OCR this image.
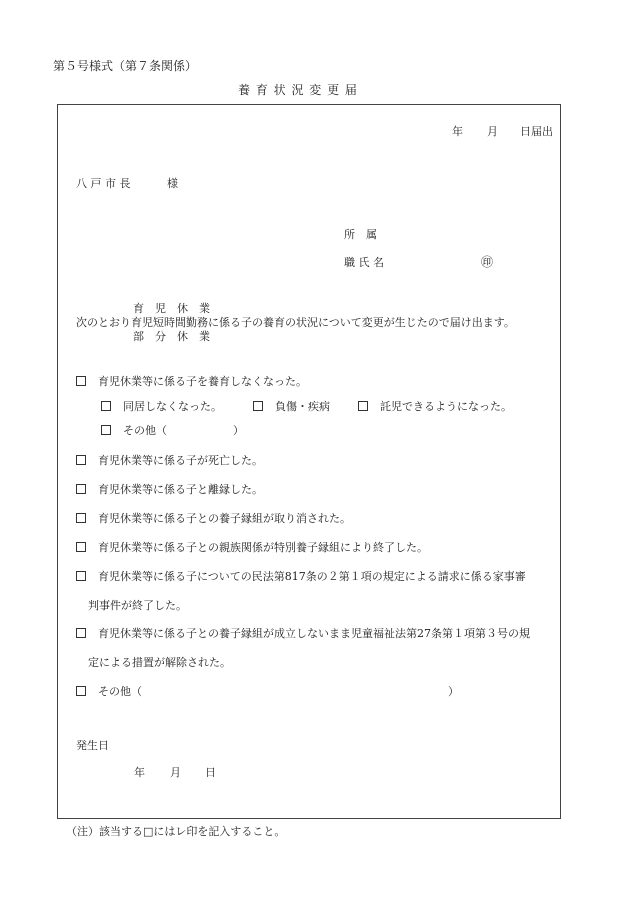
第５号様式（第７条関係）
養 育 状 況 変 更 届
年 月 日届出
八 戸 市 長	様
所　属
職 氏 名	㊞
育　児　休　業
次のとおり育児短時間勤務に係る子の養育の状況について変更が生じたので届け出ます。
部　分　休　業
育児休業等に係る子を養育しなくなった。
同居しなくなった。	負傷・疾病	託児できるようになった。
その他（　　　　　　）
育児休業等に係る子が死亡した。
育児休業等に係る子と離縁した。
育児休業等に係る子との養子縁組が取り消された。
育児休業等に係る子との親族関係が特別養子縁組により終了した。
育児休業等に係る子についての民法第817条の２第１項の規定による請求に係る家事審
判事件が終了した。
育児休業等に係る子との養子縁組が成立しないまま児童福祉法第27条第１項第３号の規
定による措置が解除された。
その他（	）
発生日
年 月 日
（注）該当する□にはレ印を記入すること。
